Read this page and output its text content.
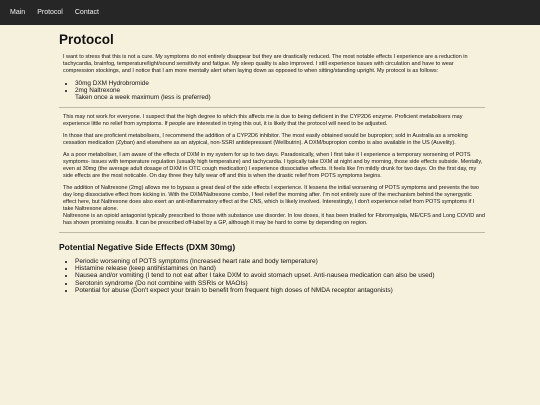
Main	Protocol	Contact
Protocol

I want to stress that this is not a cure. My symptoms do not entirely disappear but they are drastically reduced. The most notable effects I experience are a reduction in tachycardia, brainfog, temperature/light/sound sensitivity and fatigue. My sleep quality is also improved. I still experience issues with circulation and have to wear compression stockings, and I notice that I am more mentally alert when laying down as opposed to when sitting/standing upright. My protocol is as follows:

• 30mg DXM Hydrobromide
• 2mg Naltrexone
Taken once a week maximum (less is preferred)

This may not work for everyone. I suspect that the high degree to which this affects me is due to being deficient in the CYP2D6 enzyme. Proficient metabolisers may experience little no relief from symptoms. If people are interested in trying this out, it is likely that the protocol will need to be adjusted.

In those that are proficient metabolisers, I recommend the addition of a CYP2D6 inhibitor. The most easily obtained would be bupropion; sold in Australia as a smoking cessation medication (Zyban) and elsewhere as an atypical, non-SSRI antidepressant (Wellbutrin). A DXM/bupropion combo is also available in the US (Auvelity).

As a poor metaboliser, I am aware of the effects of DXM in my system for up to two days. Paradoxically, when I first take it I experience a temporary worsening of POTS symptoms- issues with temperature regulation (usually high temperature) and tachycardia. I typically take DXM at night and by morning, those side effects subside. Mentally, even at 30mg (the average adult dosage of DXM in OTC cough medication) I experience dissociative effects. It feels like I'm mildly drunk for two days. On the first day, my side effects are the most noticable. On day three they fully wear off and this is when the drastic relief from POTS symptoms begins.

The addition of Naltrexone (2mg) allows me to bypass a great deal of the side effects I experience. It lessens the initial worsening of POTS symptoms and prevents the two day long dissociative effect from kicking in. With the DXM/Naltrexone combo, I feel relief the morning after. I'm not entirely sure of the mechanism behind the synergystic effect here, but Naltrexone does also exert an anti-inflammatory effect at the CNS, which is likely involved. Interestingly, I don't experience relief from POTS symptoms if I take Naltrexone alone.

Naltrexone is an opioid antagonist typically prescribed to those with substance use disorder. In low doses, it has been trialled for Fibromyalgia, ME/CFS and Long COVID and has shown promising results. It can be prescribed off-label by a GP, although it may be hard to come by depending on region.

Potential Negative Side Effects (DXM 30mg)
• Periodic worsening of POTS symptoms (Increased heart rate and body temperature)
• Histamine release (keep antihistamines on hand)
• Nausea and/or vomiting (I tend to not eat after I take DXM to avoid stomach upset. Anti-nausea medication can also be used)
• Serotonin syndrome (Do not combine with SSRIs or MAOIs)
• Potential for abuse (Don't expect your brain to benefit from frequent high doses of NMDA receptor antagonists)
